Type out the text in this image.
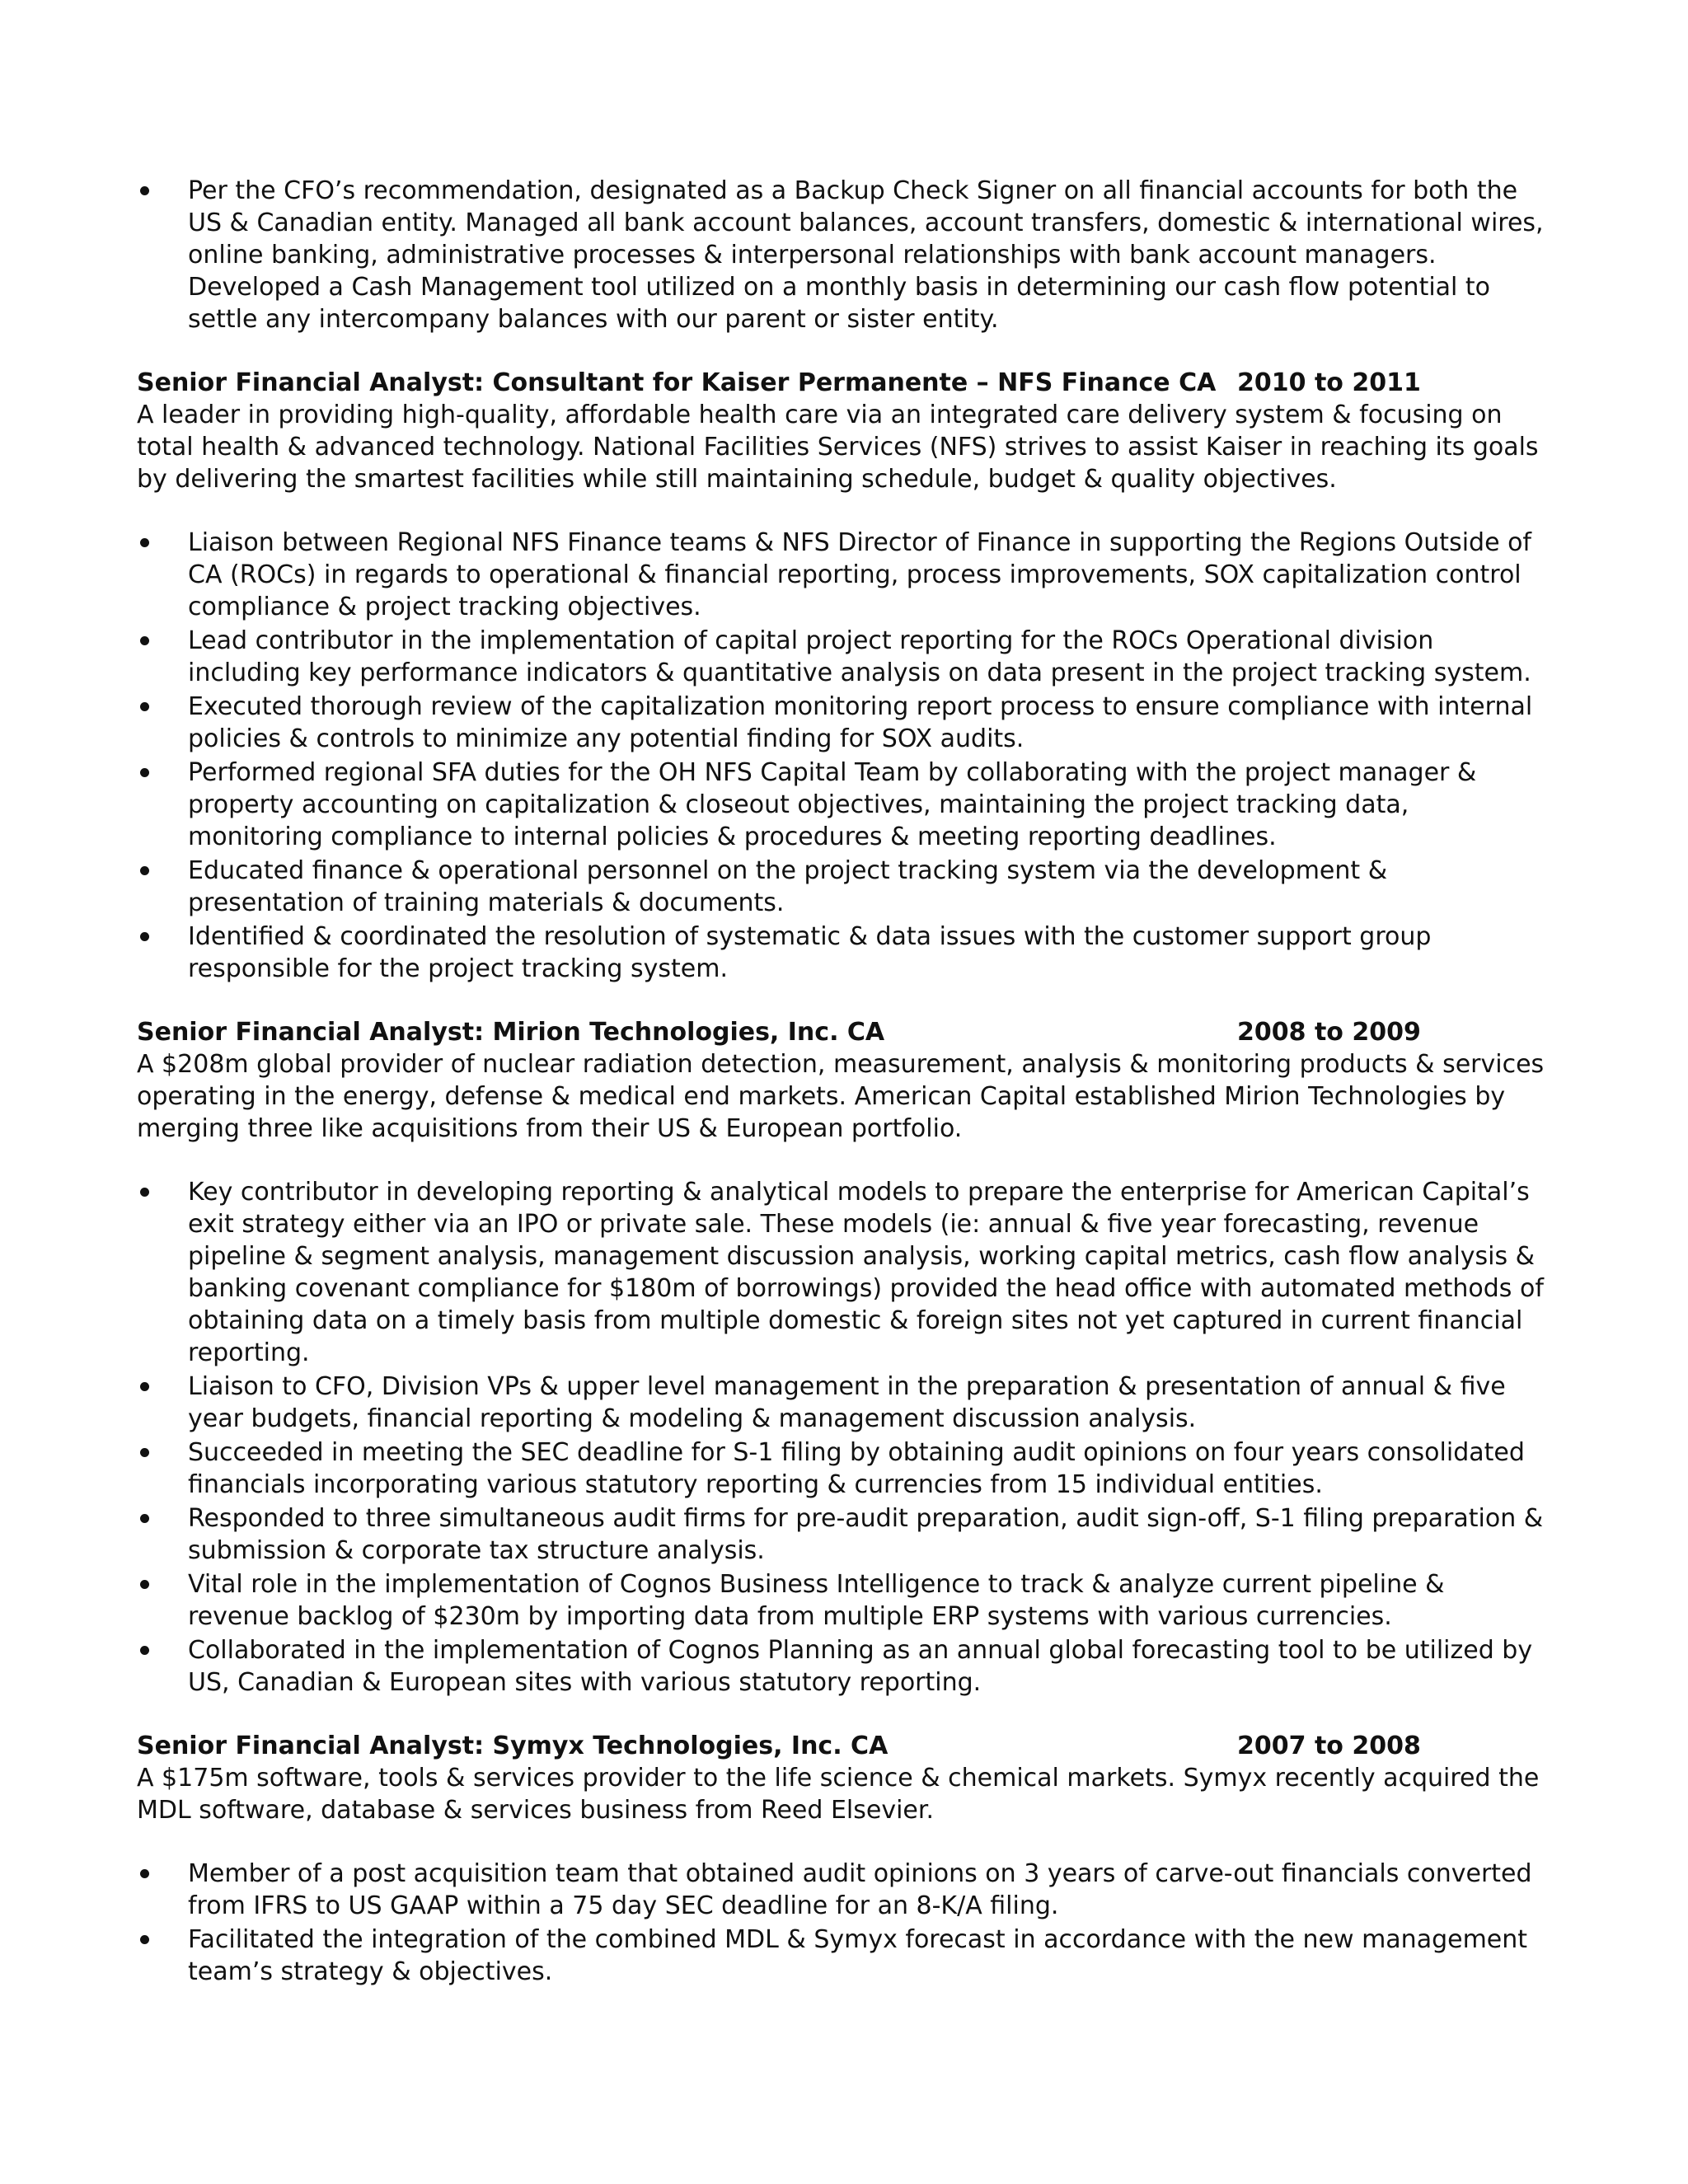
Per the CFO’s recommendation, designated as a Backup Check Signer on all financial accounts for both the US & Canadian entity. Managed all bank account balances, account transfers, domestic & international wires, online banking, administrative processes & interpersonal relationships with bank account managers. Developed a Cash Management tool utilized on a monthly basis in determining our cash flow potential to settle any intercompany balances with our parent or sister entity.
Senior Financial Analyst: Consultant for Kaiser Permanente – NFS Finance CA 2010 to 2011
A leader in providing high-quality, affordable health care via an integrated care delivery system & focusing on total health & advanced technology. National Facilities Services (NFS) strives to assist Kaiser in reaching its goals by delivering the smartest facilities while still maintaining schedule, budget & quality objectives.
Liaison between Regional NFS Finance teams & NFS Director of Finance in supporting the Regions Outside of CA (ROCs) in regards to operational & financial reporting, process improvements, SOX capitalization control compliance & project tracking objectives.
Lead contributor in the implementation of capital project reporting for the ROCs Operational division including key performance indicators & quantitative analysis on data present in the project tracking system.
Executed thorough review of the capitalization monitoring report process to ensure compliance with internal policies & controls to minimize any potential finding for SOX audits.
Performed regional SFA duties for the OH NFS Capital Team by collaborating with the project manager & property accounting on capitalization & closeout objectives, maintaining the project tracking data, monitoring compliance to internal policies & procedures & meeting reporting deadlines.
Educated finance & operational personnel on the project tracking system via the development & presentation of training materials & documents.
Identified & coordinated the resolution of systematic & data issues with the customer support group responsible for the project tracking system.
Senior Financial Analyst: Mirion Technologies, Inc. CA	2008 to 2009
A $208m global provider of nuclear radiation detection, measurement, analysis & monitoring products & services operating in the energy, defense & medical end markets. American Capital established Mirion Technologies by merging three like acquisitions from their US & European portfolio.
Key contributor in developing reporting & analytical models to prepare the enterprise for American Capital’s exit strategy either via an IPO or private sale. These models (ie: annual & five year forecasting, revenue pipeline & segment analysis, management discussion analysis, working capital metrics, cash flow analysis & banking covenant compliance for $180m of borrowings) provided the head office with automated methods of obtaining data on a timely basis from multiple domestic & foreign sites not yet captured in current financial reporting.
Liaison to CFO, Division VPs & upper level management in the preparation & presentation of annual & five year budgets, financial reporting & modeling & management discussion analysis.
Succeeded in meeting the SEC deadline for S-1 filing by obtaining audit opinions on four years consolidated financials incorporating various statutory reporting & currencies from 15 individual entities.
Responded to three simultaneous audit firms for pre-audit preparation, audit sign-off, S-1 filing preparation & submission & corporate tax structure analysis.
Vital role in the implementation of Cognos Business Intelligence to track & analyze current pipeline & revenue backlog of $230m by importing data from multiple ERP systems with various currencies.
Collaborated in the implementation of Cognos Planning as an annual global forecasting tool to be utilized by US, Canadian & European sites with various statutory reporting.
Senior Financial Analyst: Symyx Technologies, Inc. CA	2007 to 2008
A $175m software, tools & services provider to the life science & chemical markets. Symyx recently acquired the MDL software, database & services business from Reed Elsevier.
Member of a post acquisition team that obtained audit opinions on 3 years of carve-out financials converted from IFRS to US GAAP within a 75 day SEC deadline for an 8-K/A filing.
Facilitated the integration of the combined MDL & Symyx forecast in accordance with the new management team’s strategy & objectives.
